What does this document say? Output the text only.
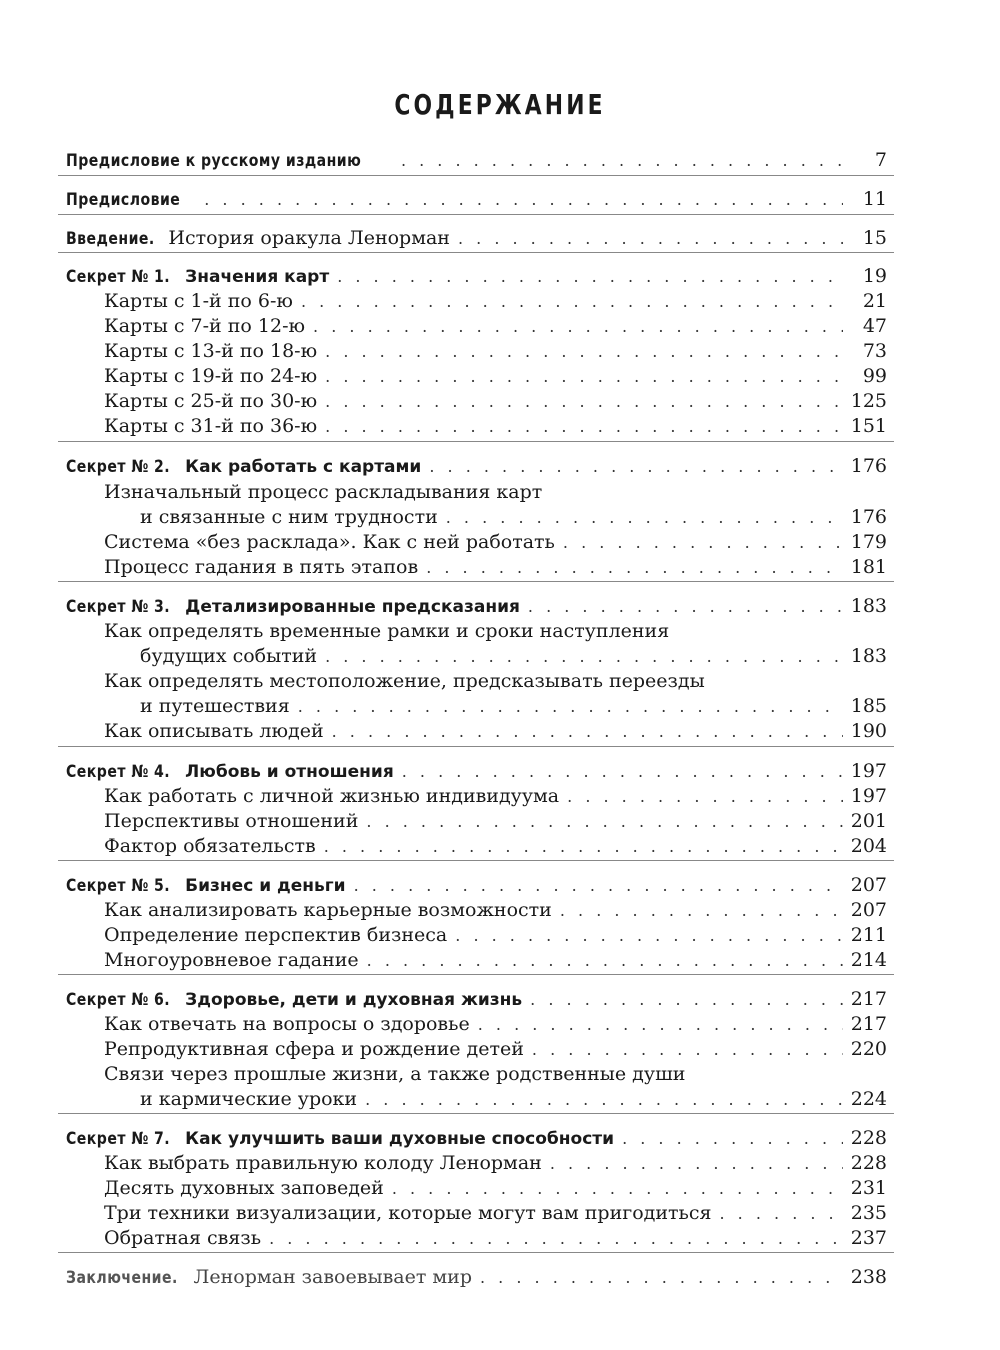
СОДЕРЖАНИЕ
Предисловие к русскому изданию . . .	7
Предисловие . . .	11
Введение. История оракула Ленорман . . .	15
Секрет № 1. Значения карт . . .	19
Карты с 1-й по 6-ю . . .	21
Карты с 7-й по 12-ю . . .	47
Карты с 13-й по 18-ю . . .	73
Карты с 19-й по 24-ю . . .	99
Карты с 25-й по 30-ю . . .	125
Карты с 31-й по 36-ю . . .	151
Секрет № 2. Как работать с картами . . .	176
Изначальный процесс раскладывания карт
и связанные с ним трудности . . .	176
Система «без расклада». Как с ней работать . . .	179
Процесс гадания в пять этапов . . .	181
Секрет № 3. Детализированные предсказания . . .	183
Как определять временные рамки и сроки наступления
будущих событий . . .	183
Как определять местоположение, предсказывать переезды
и путешествия . . .	185
Как описывать людей . . .	190
Секрет № 4. Любовь и отношения . . .	197
Как работать с личной жизнью индивидуума . . .	197
Перспективы отношений . . .	201
Фактор обязательств . . .	204
Секрет № 5. Бизнес и деньги . . .	207
Как анализировать карьерные возможности . . .	207
Определение перспектив бизнеса . . .	211
Многоуровневое гадание . . .	214
Секрет № 6. Здоровье, дети и духовная жизнь . . .	217
Как отвечать на вопросы о здоровье . . .	217
Репродуктивная сфера и рождение детей . . .	220
Связи через прошлые жизни, а также родственные души
и кармические уроки . . .	224
Секрет № 7. Как улучшить ваши духовные способности . . .	228
Как выбрать правильную колоду Ленорман . . .	228
Десять духовных заповедей . . .	231
Три техники визуализации, которые могут вам пригодиться . . .	235
Обратная связь . . .	237
Заключение. Ленорман завоевывает мир . . .	238
